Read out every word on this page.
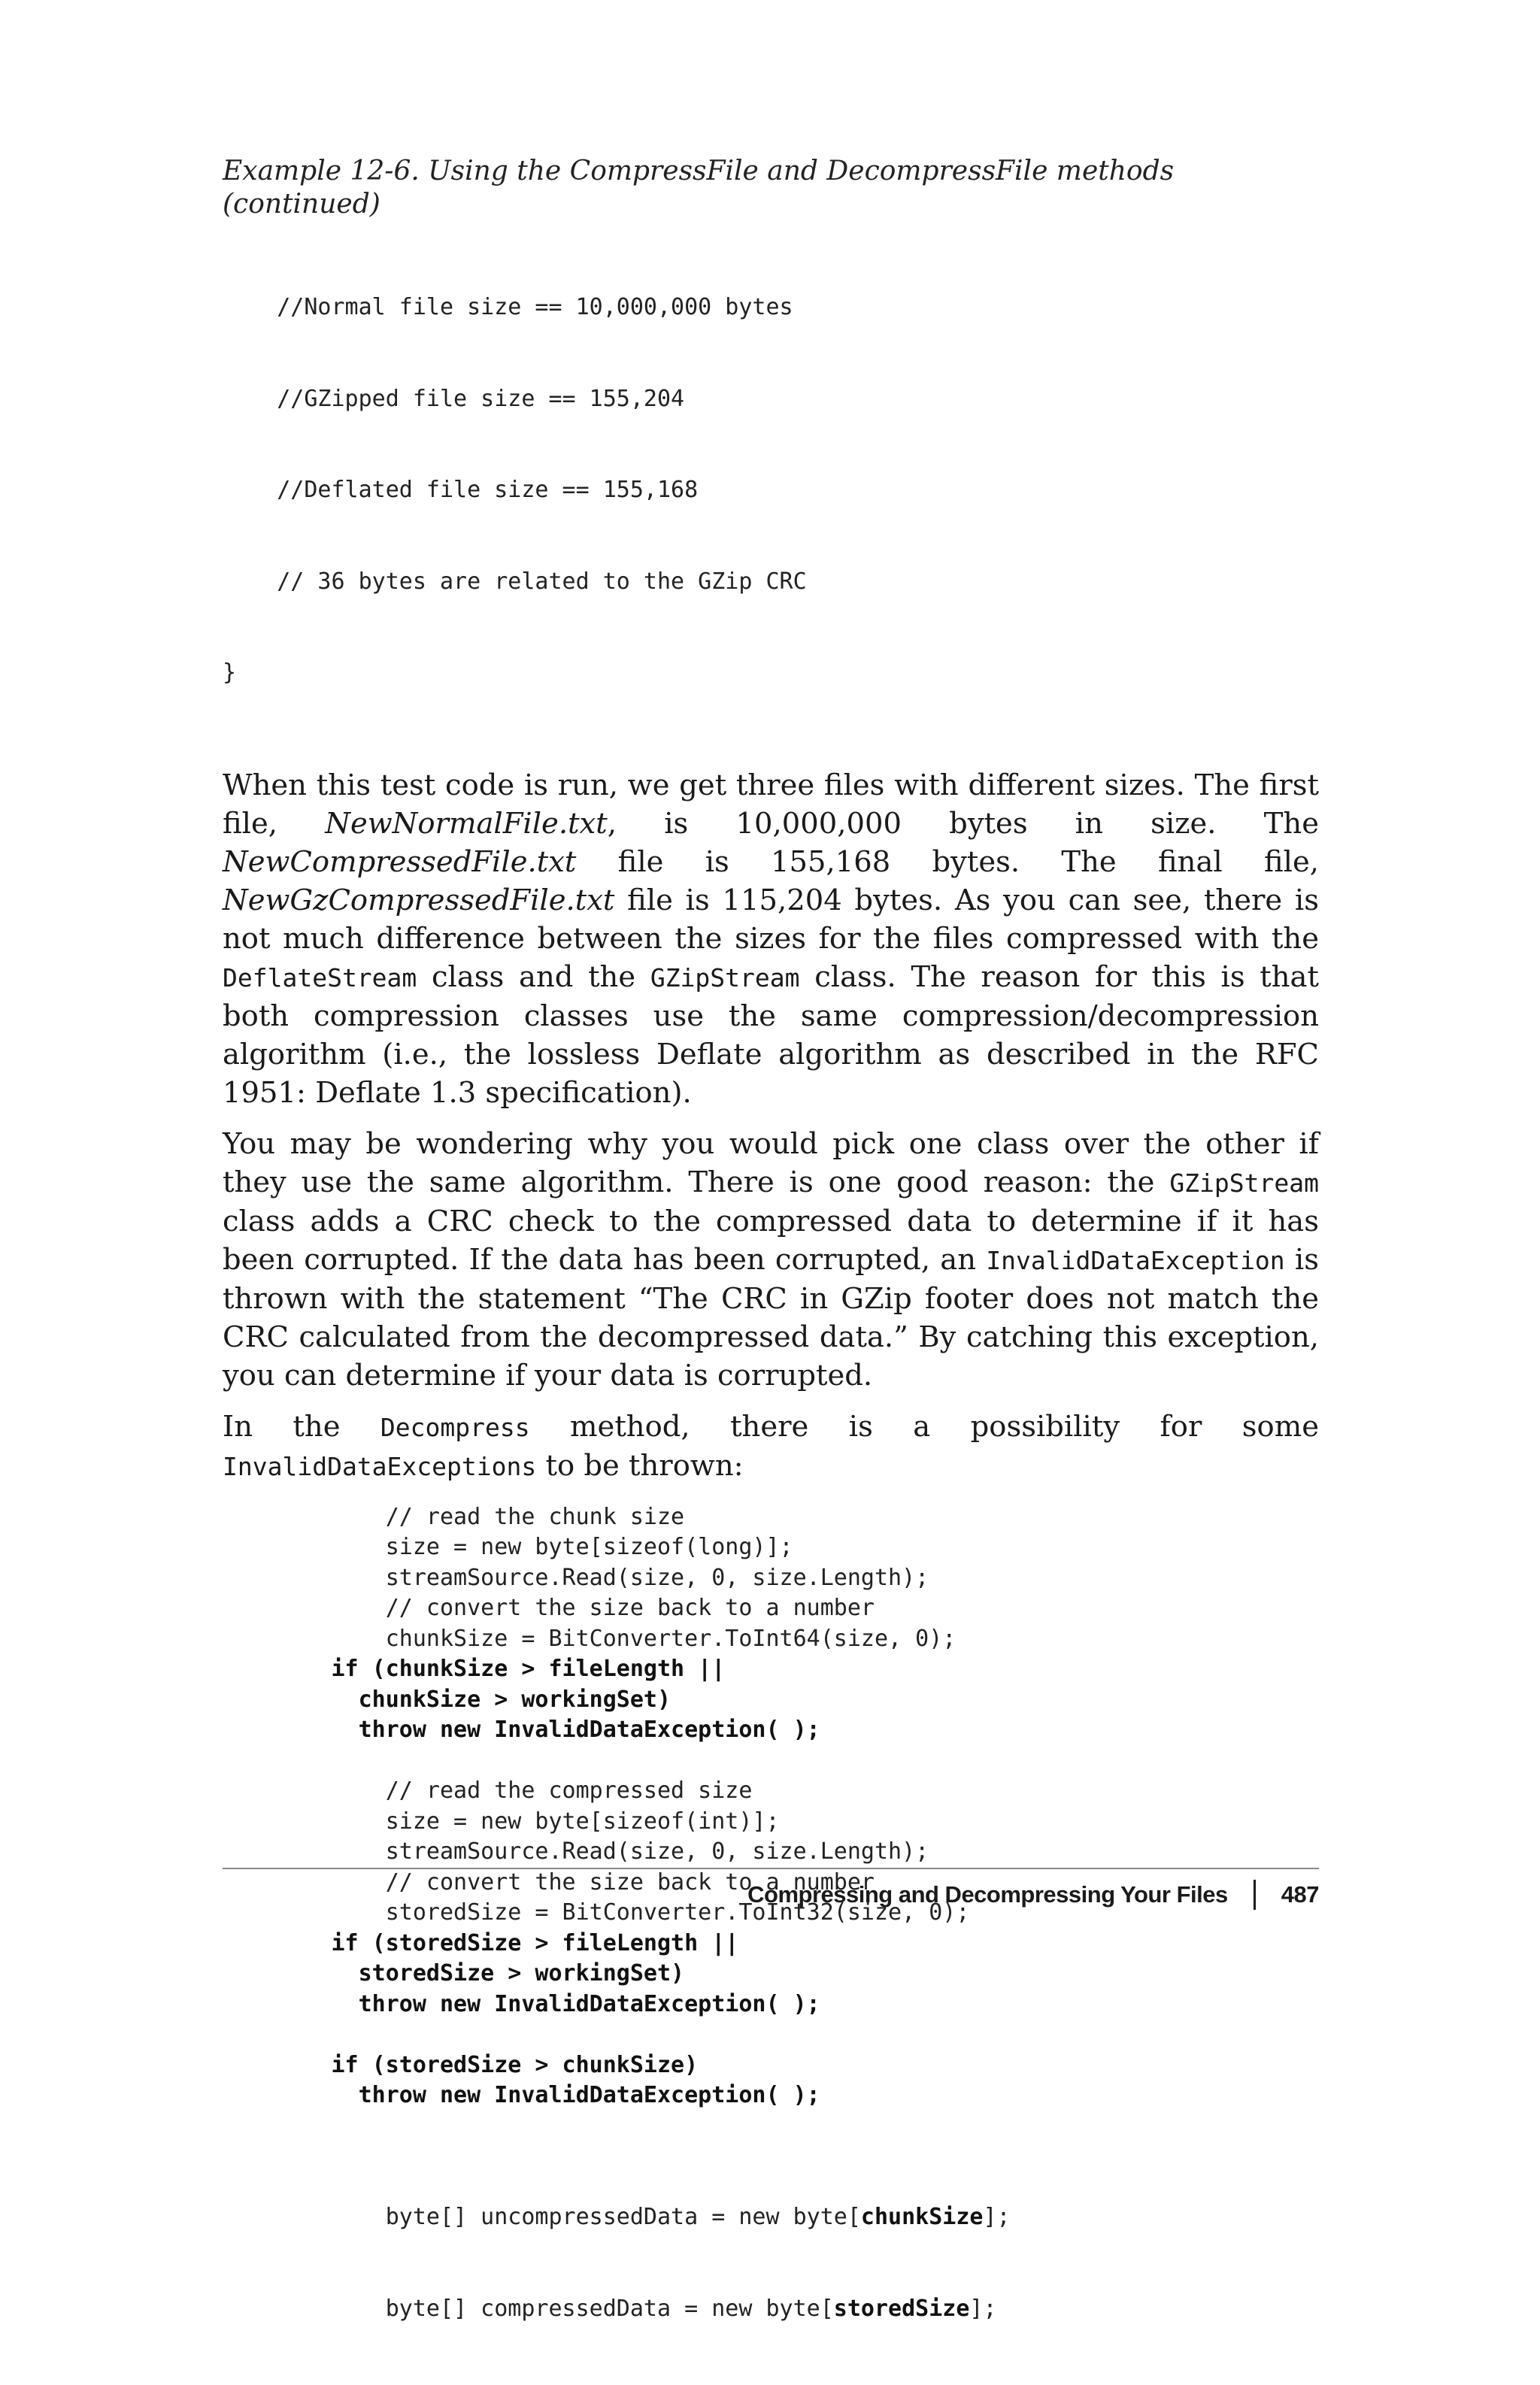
Example 12-6. Using the CompressFile and DecompressFile methods (continued)

//Normal file size == 10,000,000 bytes

//GZipped file size == 155,204

//Deflated file size == 155,168

// 36 bytes are related to the GZip CRC

}

When this test code is run, we get three files with different sizes. The first file, NewNormalFile.txt, is 10,000,000 bytes in size. The NewCompressedFile.txt file is 155,168 bytes. The final file, NewGzCompressedFile.txt file is 115,204 bytes. As you can see, there is not much difference between the sizes for the files compressed with the DeflateStream class and the GZipStream class. The reason for this is that both compression classes use the same compression/decompression algorithm (i.e., the lossless Deflate algorithm as described in the RFC 1951: Deflate 1.3 specification).

You may be wondering why you would pick one class over the other if they use the same algorithm. There is one good reason: the GZipStream class adds a CRC check to the compressed data to determine if it has been corrupted. If the data has been corrupted, an InvalidDataException is thrown with the statement “The CRC in GZip footer does not match the CRC calculated from the decompressed data.” By catching this exception, you can determine if your data is corrupted.

In the Decompress method, there is a possibility for some InvalidDataExceptions to be thrown:

// read the chunk size
size = new byte[sizeof(long)];
streamSource.Read(size, 0, size.Length);
// convert the size back to a number
chunkSize = BitConverter.ToInt64(size, 0);
if (chunkSize > fileLength ||
chunkSize > workingSet)
throw new InvalidDataException( );
// read the compressed size
size = new byte[sizeof(int)];
streamSource.Read(size, 0, size.Length);
// convert the size back to a number
storedSize = BitConverter.ToInt32(size, 0);
if (storedSize > fileLength ||
storedSize > workingSet)
throw new InvalidDataException( );
if (storedSize > chunkSize)
throw new InvalidDataException( );

byte[] uncompressedData = new byte[chunkSize];

byte[] compressedData = new byte[storedSize];

Compressing and Decompressing Your Files 487
